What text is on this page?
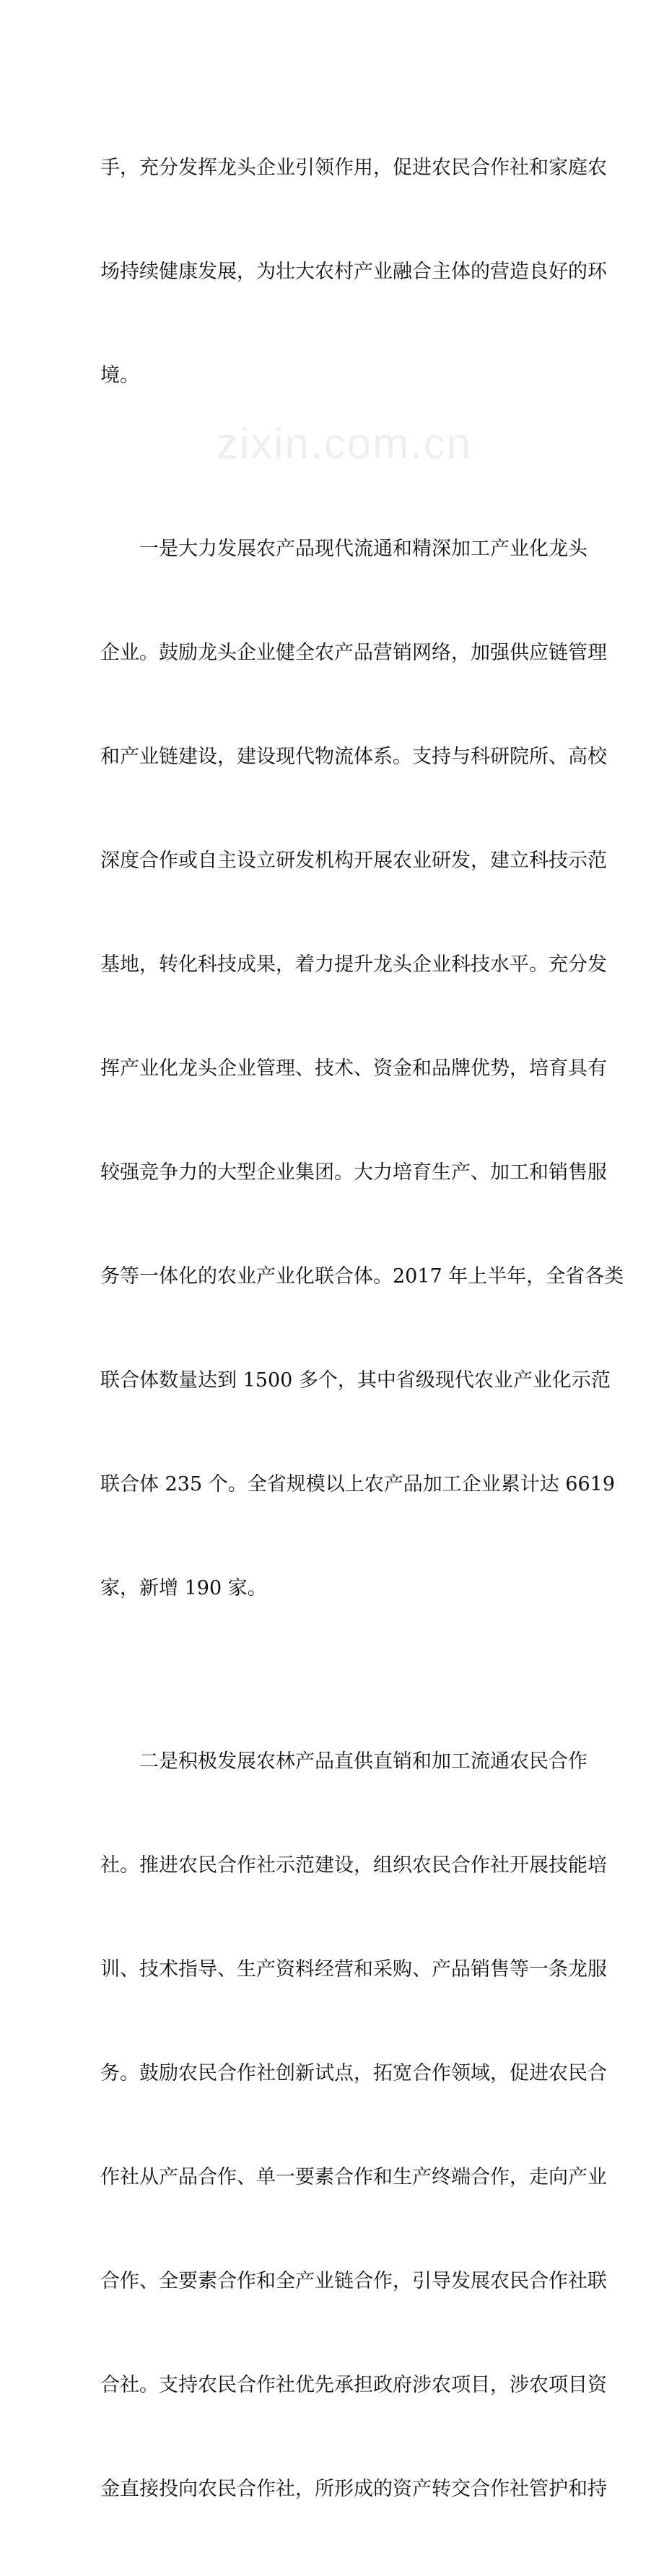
手，充分发挥龙头企业引领作用，促进农民合作社和家庭农

场持续健康发展，为壮大农村产业融合主体的营造良好的环

境。

一是大力发展农产品现代流通和精深加工产业化龙头

企业。鼓励龙头企业健全农产品营销网络，加强供应链管理

和产业链建设，建设现代物流体系。支持与科研院所、高校

深度合作或自主设立研发机构开展农业研发，建立科技示范

基地，转化科技成果，着力提升龙头企业科技水平。充分发

挥产业化龙头企业管理、技术、资金和品牌优势，培育具有

较强竞争力的大型企业集团。大力培育生产、加工和销售服

务等一体化的农业产业化联合体。2017 年上半年，全省各类

联合体数量达到 1500 多个，其中省级现代农业产业化示范

联合体 235 个。全省规模以上农产品加工企业累计达 6619

家，新增 190 家。

二是积极发展农林产品直供直销和加工流通农民合作

社。推进农民合作社示范建设，组织农民合作社开展技能培

训、技术指导、生产资料经营和采购、产品销售等一条龙服

务。鼓励农民合作社创新试点，拓宽合作领域，促进农民合

作社从产品合作、单一要素合作和生产终端合作，走向产业

合作、全要素合作和全产业链合作，引导发展农民合作社联

合社。支持农民合作社优先承担政府涉农项目，涉农项目资

金直接投向农民合作社，所形成的资产转交合作社管护和持

zixin.com.cn
